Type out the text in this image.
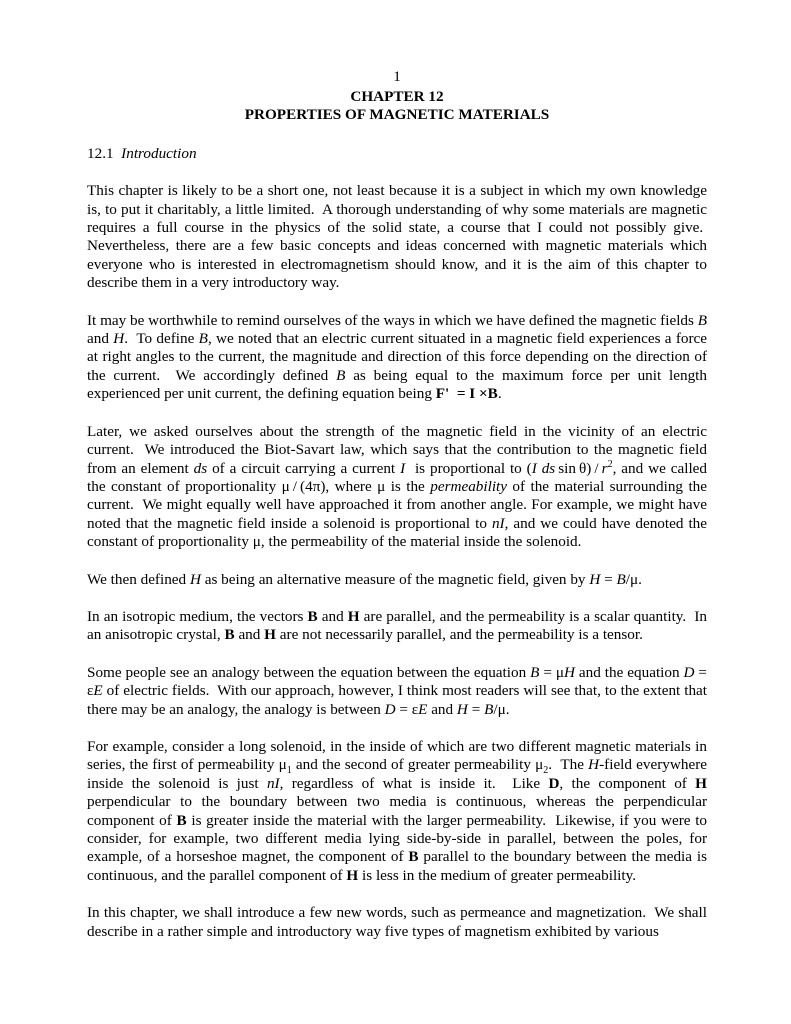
1

CHAPTER 12

PROPERTIES OF MAGNETIC MATERIALS

12.1 Introduction

This chapter is likely to be a short one, not least because it is a subject in which my own knowledge is, to put it charitably, a little limited.  A thorough understanding of why some materials are magnetic requires a full course in the physics of the solid state, a course that I could not possibly give.  Nevertheless, there are a few basic concepts and ideas concerned with magnetic materials which everyone who is interested in electromagnetism should know, and it is the aim of this chapter to describe them in a very introductory way.

It may be worthwhile to remind ourselves of the ways in which we have defined the magnetic fields B and H.  To define B, we noted that an electric current situated in a magnetic field experiences a force at right angles to the current, the magnitude and direction of this force depending on the direction of the current.  We accordingly defined B as being equal to the maximum force per unit length experienced per unit current, the defining equation being F'  = I ×B.

Later, we asked ourselves about the strength of the magnetic field in the vicinity of an electric current.  We introduced the Biot-Savart law, which says that the contribution to the magnetic field from an element ds of a circuit carrying a current I  is proportional to (I ds $\sin \theta) / r^2$, and we called the constant of proportionality μ / (4π), where μ is the permeability of the material surrounding the current.  We might equally well have approached it from another angle. For example, we might have noted that the magnetic field inside a solenoid is proportional to nI, and we could have denoted the constant of proportionality μ, the permeability of the material inside the solenoid.

We then defined H as being an alternative measure of the magnetic field, given by H = B/μ.

In an isotropic medium, the vectors B and H are parallel, and the permeability is a scalar quantity.  In an anisotropic crystal, B and H are not necessarily parallel, and the permeability is a tensor.

Some people see an analogy between the equation between the equation B = μH and the equation D = εE of electric fields.  With our approach, however, I think most readers will see that, to the extent that there may be an analogy, the analogy is between D = εE and H = B/μ.

For example, consider a long solenoid, in the inside of which are two different magnetic materials in series, the first of permeability $\mu_1$ and the second of greater permeability $\mu_2$.  The H-field everywhere inside the solenoid is just nI, regardless of what is inside it.  Like D, the component of H perpendicular to the boundary between two media is continuous, whereas the perpendicular component of B is greater inside the material with the larger permeability.  Likewise, if you were to consider, for example, two different media lying side-by-side in parallel, between the poles, for example, of a horseshoe magnet, the component of B parallel to the boundary between the media is continuous, and the parallel component of H is less in the medium of greater permeability.

In this chapter, we shall introduce a few new words, such as permeance and magnetization.  We shall describe in a rather simple and introductory way five types of magnetism exhibited by various
